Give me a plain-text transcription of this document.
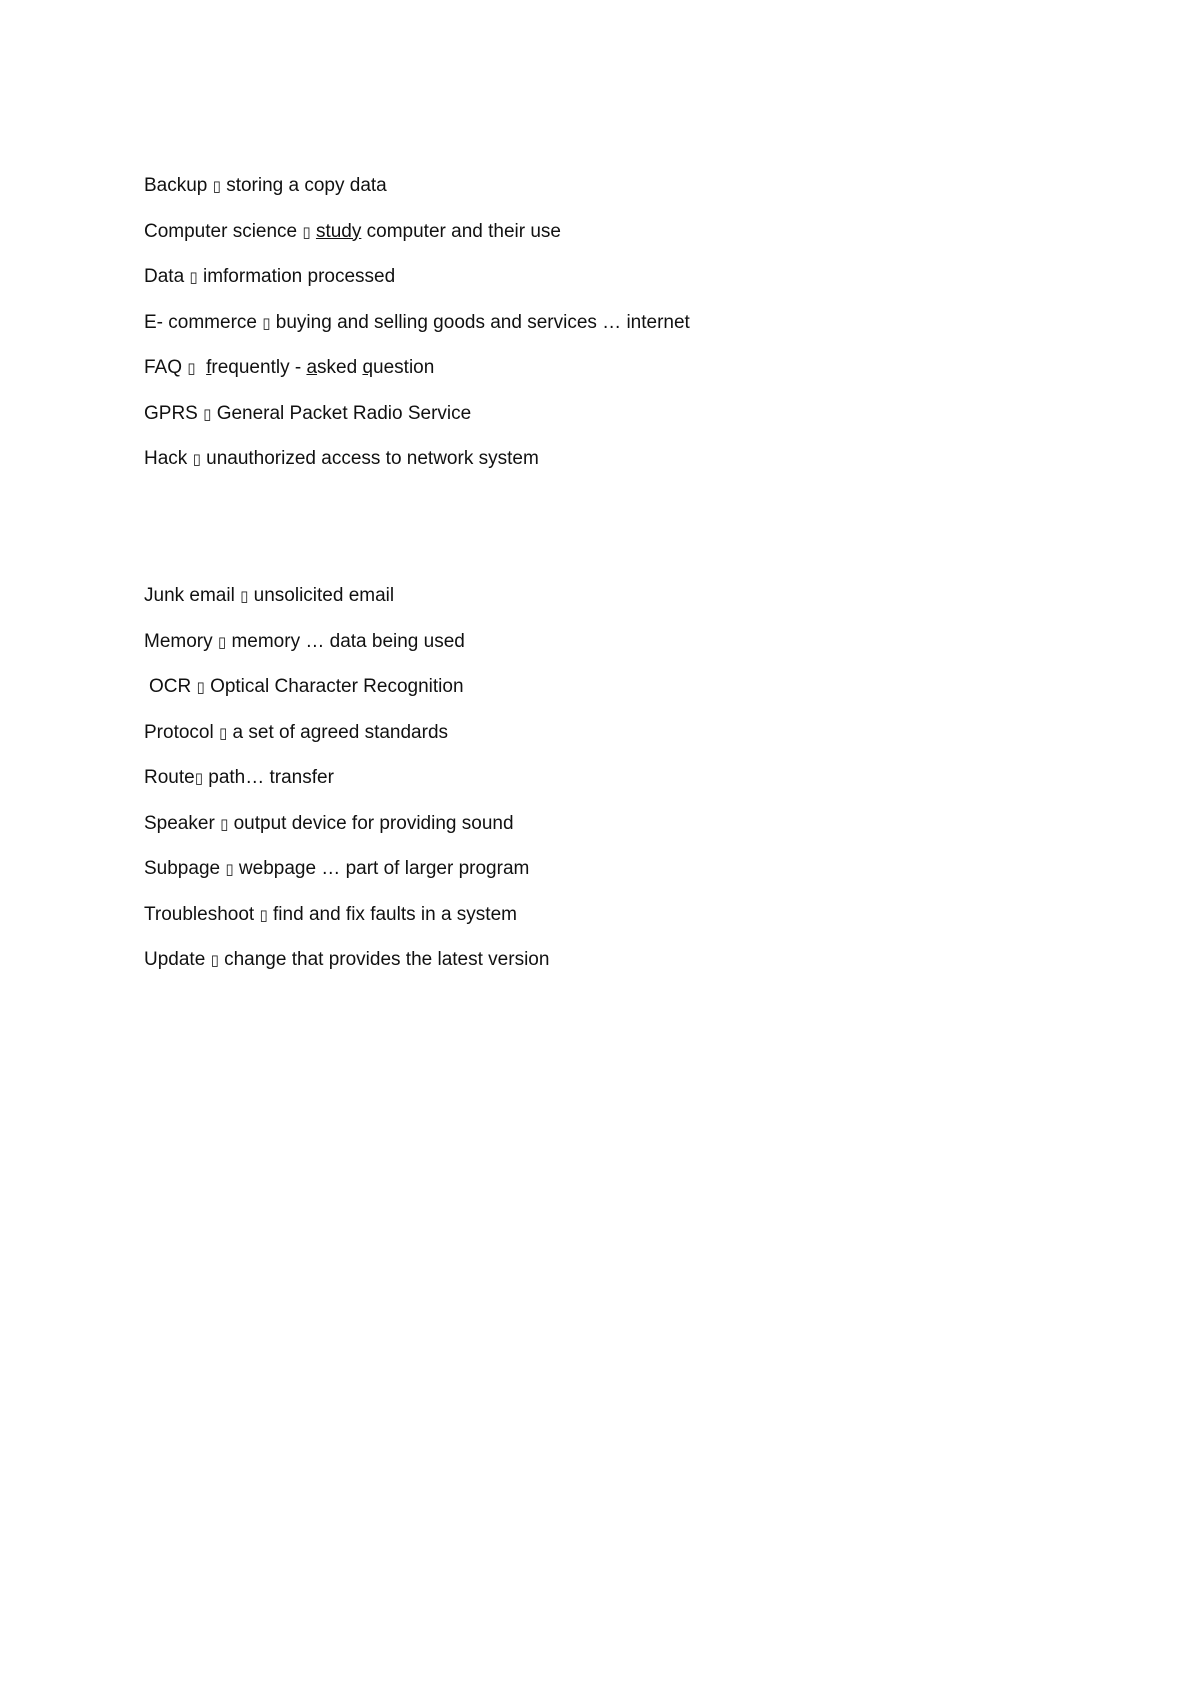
Backup ▯ storing a copy data
Computer science ▯ study computer and their use
Data ▯ imformation processed
E- commerce ▯ buying and selling goods and services … internet
FAQ ▯ frequently - asked question
GPRS ▯ General Packet Radio Service
Hack ▯ unauthorized access to network system
Junk email ▯ unsolicited email
Memory ▯ memory … data being used
OCR ▯ Optical Character Recognition
Protocol ▯ a set of agreed standards
Route▯ path… transfer
Speaker ▯ output device for providing sound
Subpage ▯ webpage … part of larger program
Troubleshoot ▯ find and fix faults in a system
Update ▯ change that provides the latest version
